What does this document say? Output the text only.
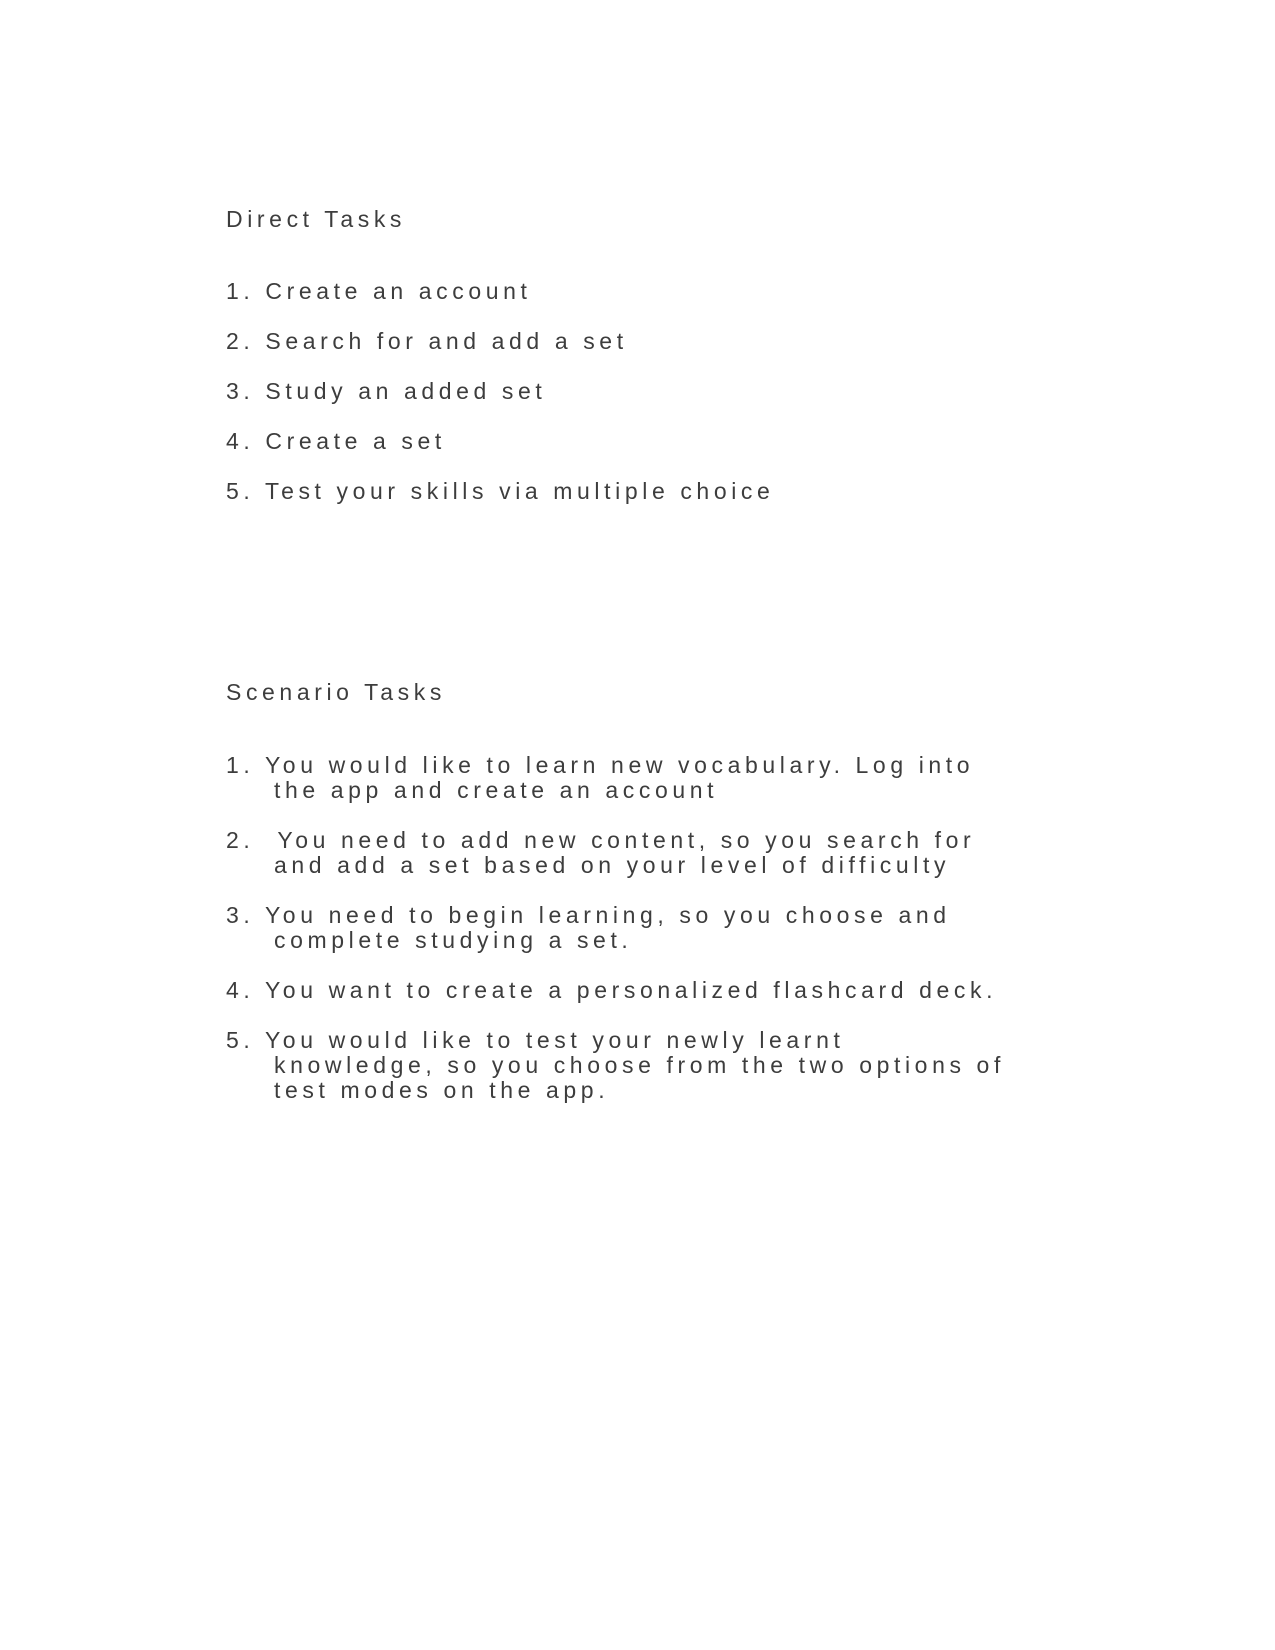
Direct Tasks
1. Create an account
2. Search for and add a set
3. Study an added set
4. Create a set
5. Test your skills via multiple choice
Scenario Tasks
1. You would like to learn new vocabulary. Log into
the app and create an account
2. You need to add new content, so you search for
and add a set based on your level of difficulty
3. You need to begin learning, so you choose and
complete studying a set.
4. You want to create a personalized flashcard deck.
5. You would like to test your newly learnt
knowledge, so you choose from the two options of
test modes on the app.
